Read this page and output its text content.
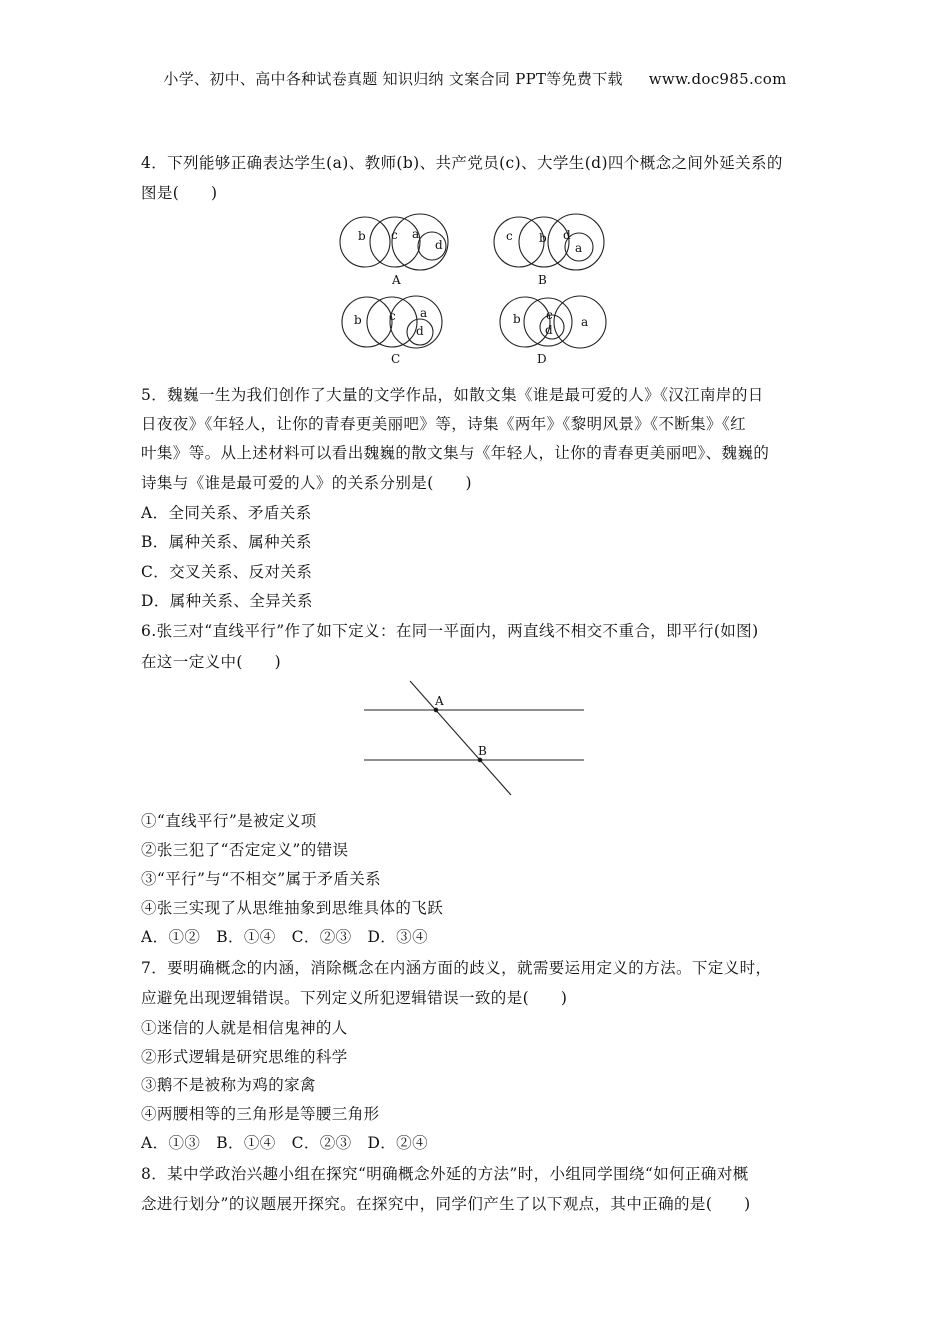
小学、初中、高中各种试卷真题 知识归纳 文案合同 PPT等免费下载 www.doc985.com
4．下列能够正确表达学生(a)、教师(b)、共产党员(c)、大学生(d)四个概念之间外延关系的
图是(　　)
b c a
d
A
c b d
a
B
b c a
d
C
b c
d
a
D
5．魏巍一生为我们创作了大量的文学作品，如散文集《谁是最可爱的人》《汉江南岸的日
日夜夜》《年轻人，让你的青春更美丽吧》等，诗集《两年》《黎明风景》《不断集》《红
叶集》等。从上述材料可以看出魏巍的散文集与《年轻人，让你的青春更美丽吧》、魏巍的
诗集与《谁是最可爱的人》的关系分别是(　　)
A．全同关系、矛盾关系
B．属种关系、属种关系
C．交叉关系、反对关系
D．属种关系、全异关系
6.张三对“直线平行”作了如下定义：在同一平面内，两直线不相交不重合，即平行(如图)
在这一定义中(　　)
A
B
①“直线平行”是被定义项
②张三犯了“否定定义”的错误
③“平行”与“不相交”属于矛盾关系
④张三实现了从思维抽象到思维具体的飞跃
A．①②　B．①④　C．②③　D．③④
7．要明确概念的内涵，消除概念在内涵方面的歧义，就需要运用定义的方法。下定义时，
应避免出现逻辑错误。下列定义所犯逻辑错误一致的是(　　)
①迷信的人就是相信鬼神的人
②形式逻辑是研究思维的科学
③鹅不是被称为鸡的家禽
④两腰相等的三角形是等腰三角形
A．①③　B．①④　C．②③　D．②④
8．某中学政治兴趣小组在探究“明确概念外延的方法”时，小组同学围绕“如何正确对概
念进行划分”的议题展开探究。在探究中，同学们产生了以下观点，其中正确的是(　　)
